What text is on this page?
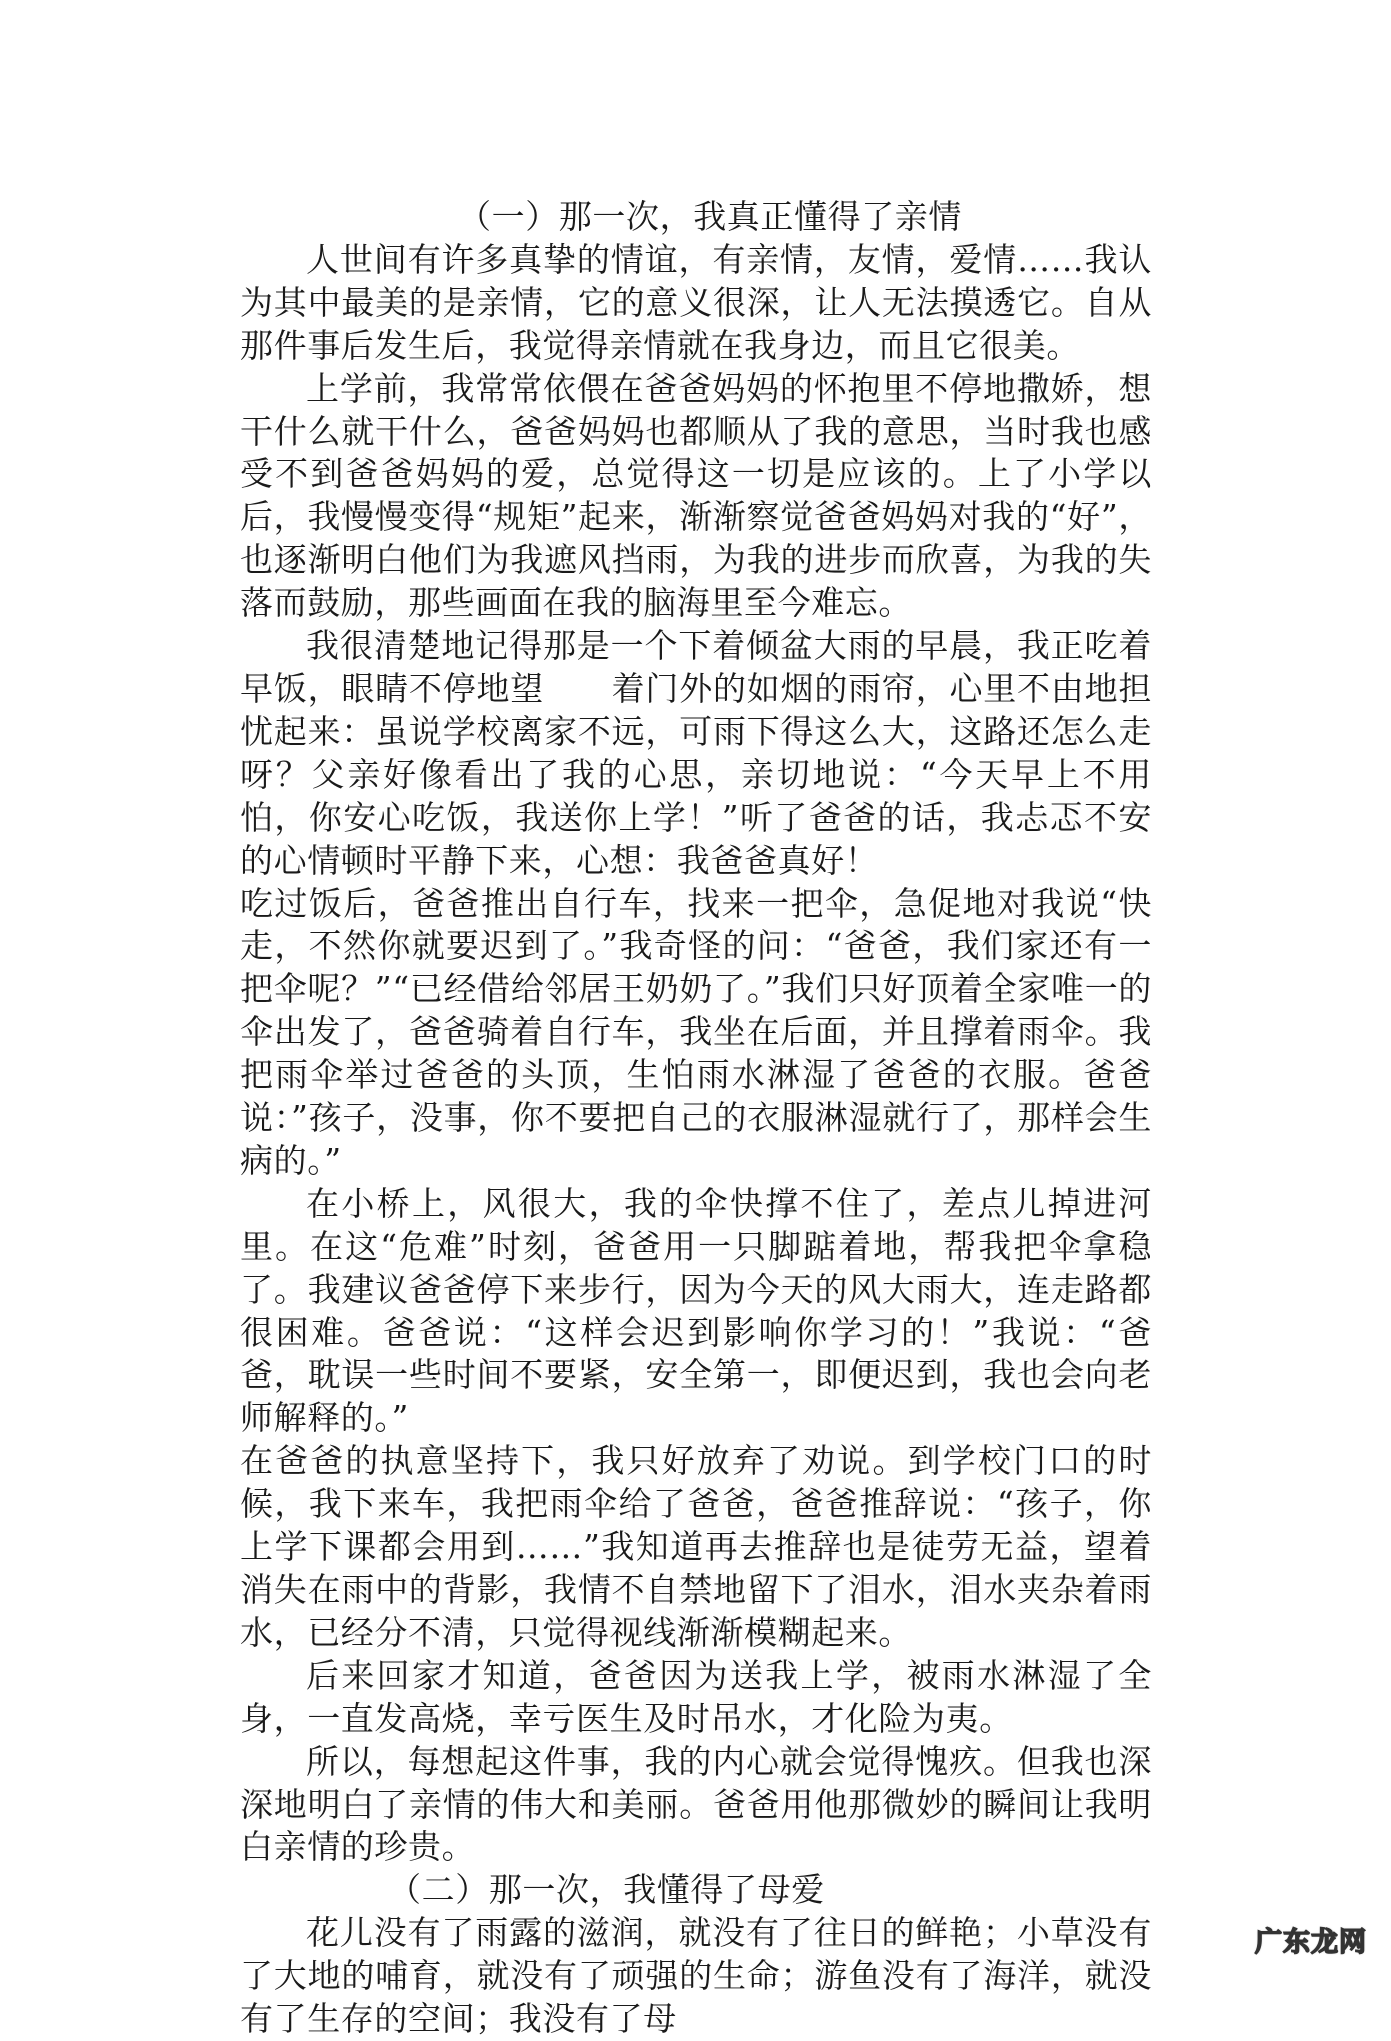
（一）那一次，我真正懂得了亲情

人世间有许多真挚的情谊，有亲情，友情，爱情……我认为其中最美的是亲情，它的意义很深，让人无法摸透它。自从那件事后发生后，我觉得亲情就在我身边，而且它很美。

上学前，我常常依偎在爸爸妈妈的怀抱里不停地撒娇，想干什么就干什么，爸爸妈妈也都顺从了我的意思，当时我也感受不到爸爸妈妈的爱，总觉得这一切是应该的。上了小学以后，我慢慢变得“规矩”起来，渐渐察觉爸爸妈妈对我的“好”，也逐渐明白他们为我遮风挡雨，为我的进步而欣喜，为我的失落而鼓励，那些画面在我的脑海里至今难忘。

我很清楚地记得那是一个下着倾盆大雨的早晨，我正吃着早饭，眼睛不停地望　　着门外的如烟的雨帘，心里不由地担忧起来：虽说学校离家不远，可雨下得这么大，这路还怎么走呀？父亲好像看出了我的心思，亲切地说：“今天早上不用怕，你安心吃饭，我送你上学！”听了爸爸的话，我忐忑不安的心情顿时平静下来，心想：我爸爸真好！

吃过饭后，爸爸推出自行车，找来一把伞，急促地对我说“快走，不然你就要迟到了。”我奇怪的问：“爸爸，我们家还有一把伞呢？”“已经借给邻居王奶奶了。”我们只好顶着全家唯一的伞出发了，爸爸骑着自行车，我坐在后面，并且撑着雨伞。我把雨伞举过爸爸的头顶，生怕雨水淋湿了爸爸的衣服。爸爸说：”孩子，没事，你不要把自己的衣服淋湿就行了，那样会生病的。”

在小桥上，风很大，我的伞快撑不住了，差点儿掉进河里。在这“危难”时刻，爸爸用一只脚踮着地，帮我把伞拿稳了。我建议爸爸停下来步行，因为今天的风大雨大，连走路都很困难。爸爸说：“这样会迟到影响你学习的！”我说：“爸爸，耽误一些时间不要紧，安全第一，即便迟到，我也会向老师解释的。”

在爸爸的执意坚持下，我只好放弃了劝说。到学校门口的时候，我下来车，我把雨伞给了爸爸，爸爸推辞说：“孩子，你上学下课都会用到……”我知道再去推辞也是徒劳无益，望着消失在雨中的背影，我情不自禁地留下了泪水，泪水夹杂着雨水，已经分不清，只觉得视线渐渐模糊起来。

后来回家才知道，爸爸因为送我上学，被雨水淋湿了全身，一直发高烧，幸亏医生及时吊水，才化险为夷。

所以，每想起这件事，我的内心就会觉得愧疚。但我也深深地明白了亲情的伟大和美丽。爸爸用他那微妙的瞬间让我明白亲情的珍贵。

（二）那一次，我懂得了母爱

花儿没有了雨露的滋润，就没有了往日的鲜艳；小草没有了大地的哺育，就没有了顽强的生命；游鱼没有了海洋，就没有了生存的空间；我没有了母

广东龙网
